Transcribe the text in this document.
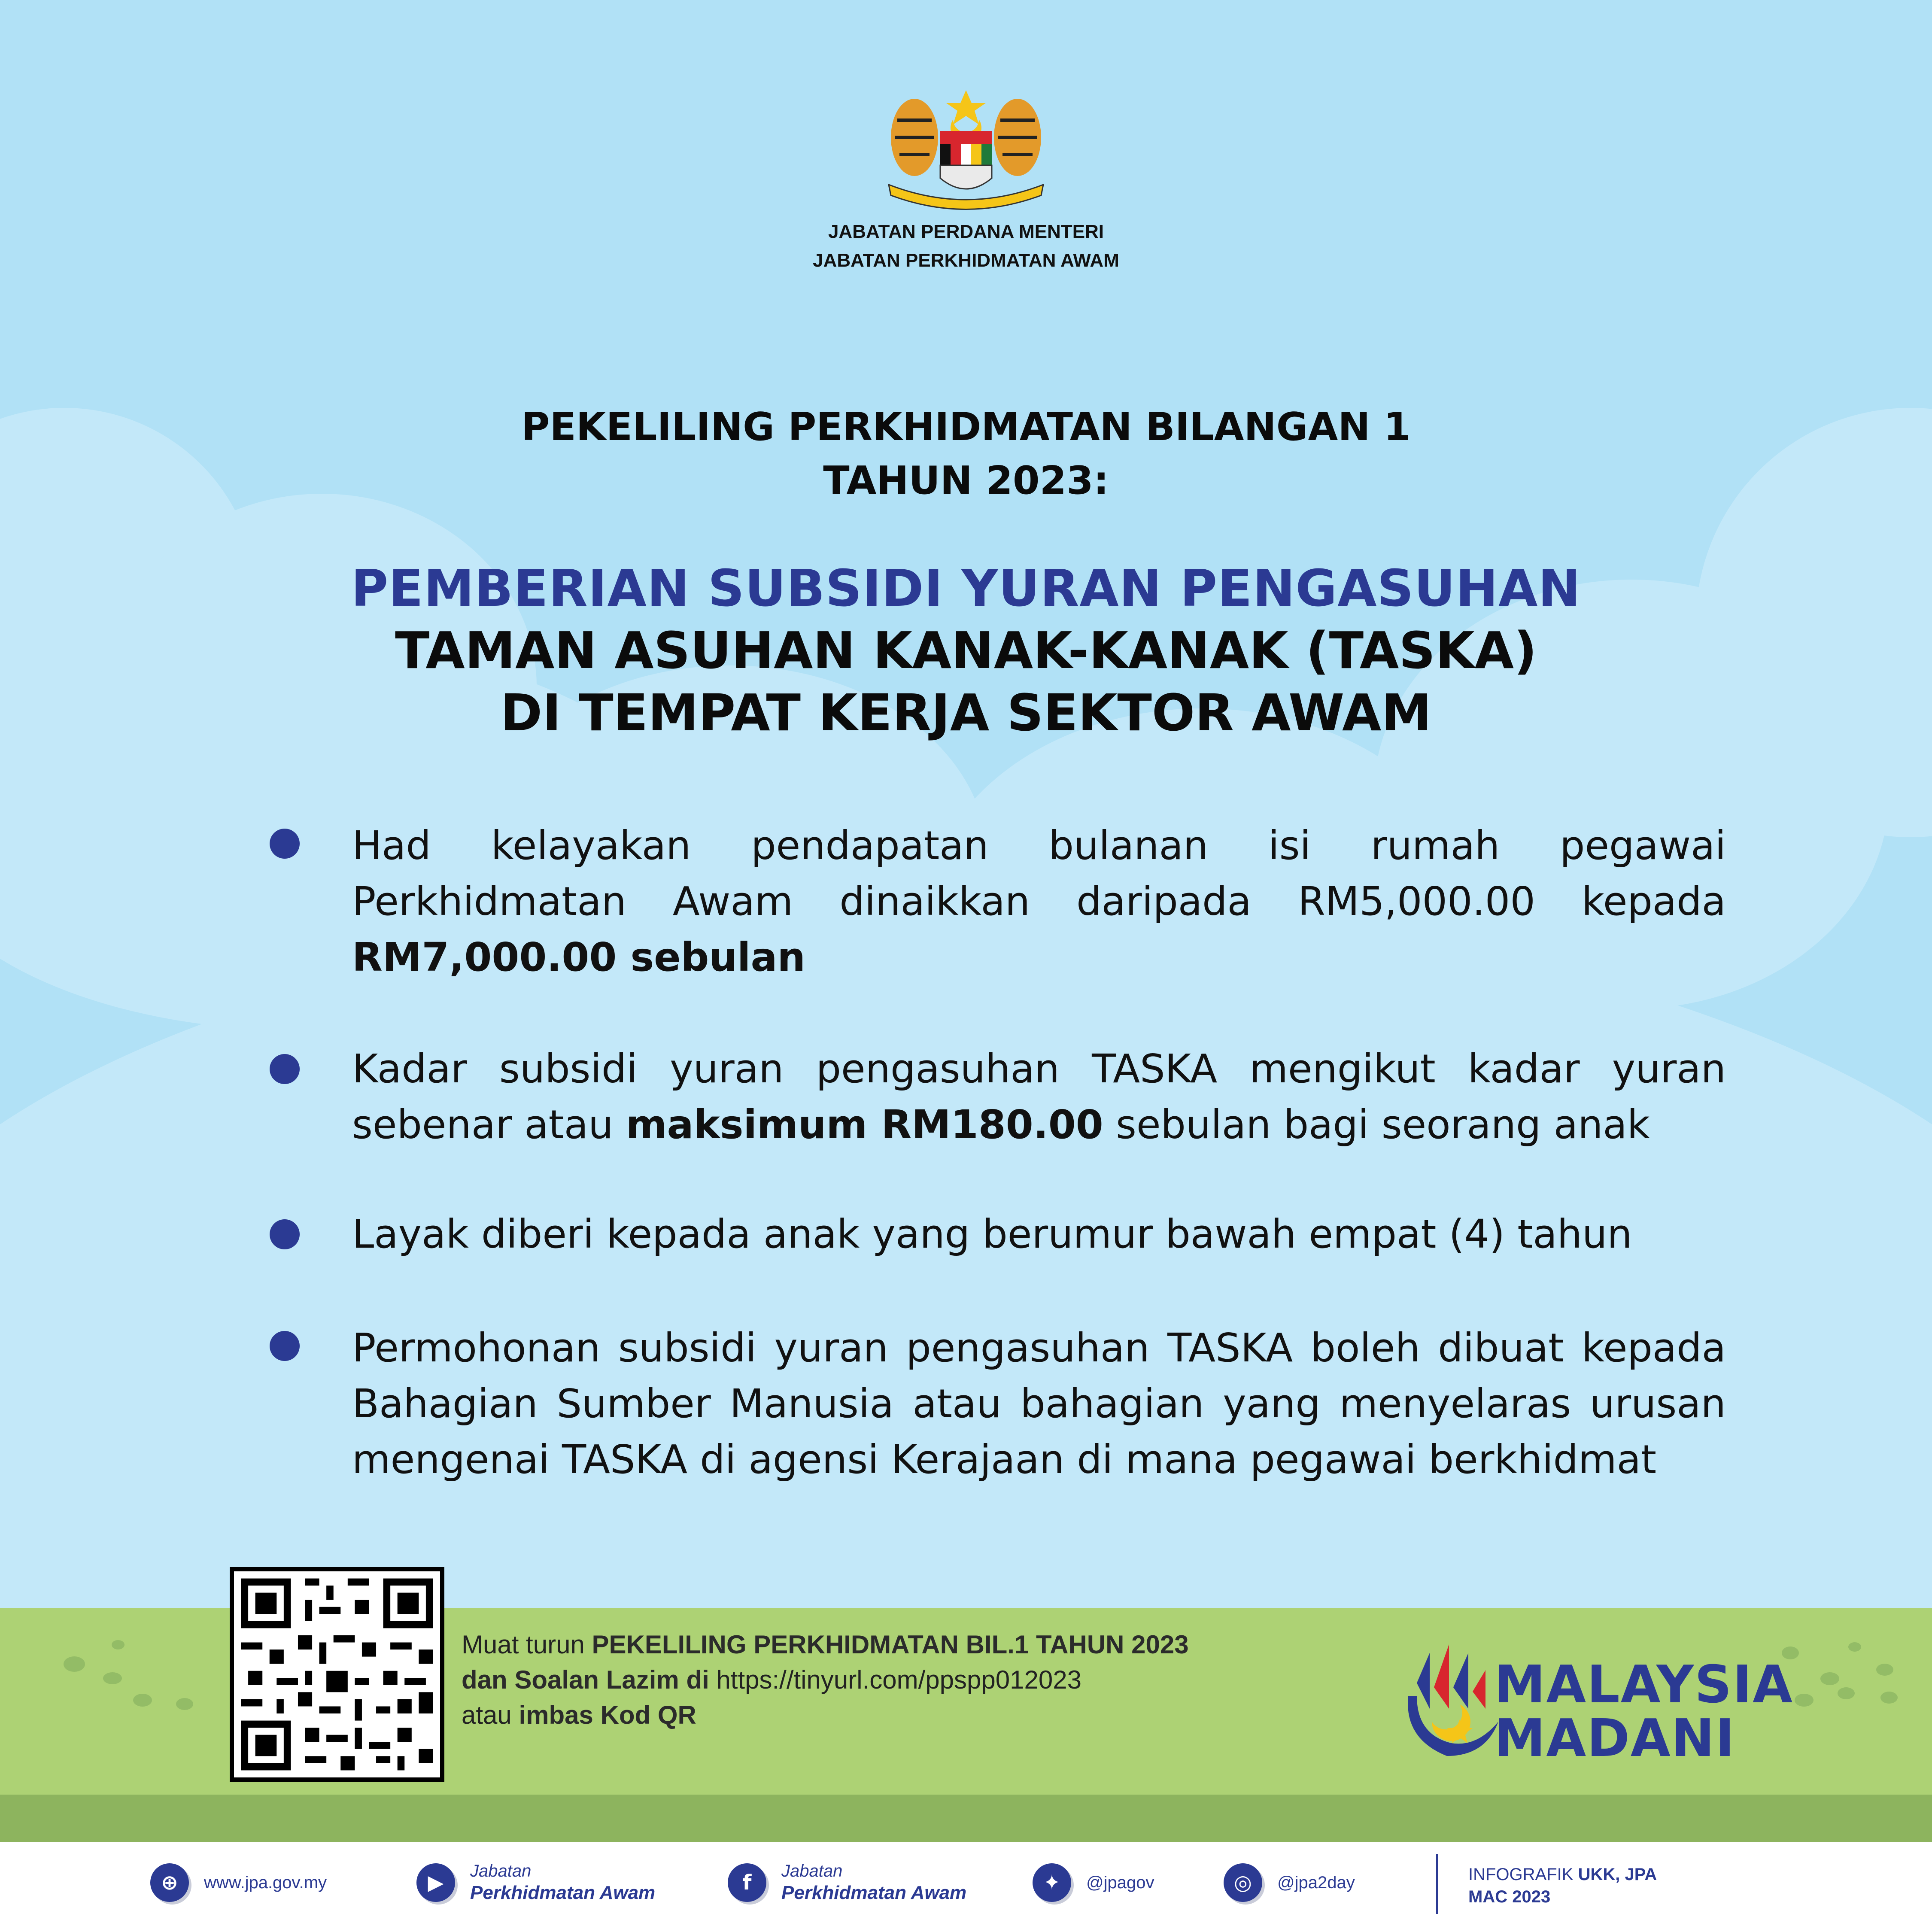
JABATAN PERDANA MENTERI
JABATAN PERKHIDMATAN AWAM
PEKELILING PERKHIDMATAN BILANGAN 1
TAHUN 2023:
PEMBERIAN SUBSIDI YURAN PENGASUHAN
TAMAN ASUHAN KANAK-KANAK (TASKA)
DI TEMPAT KERJA SEKTOR AWAM
Had kelayakan pendapatan bulanan isi rumah pegawai Perkhidmatan Awam dinaikkan daripada RM5,000.00 kepada RM7,000.00 sebulan
Kadar subsidi yuran pengasuhan TASKA mengikut kadar yuran sebenar atau maksimum RM180.00 sebulan bagi seorang anak
Layak diberi kepada anak yang berumur bawah empat (4) tahun
Permohonan subsidi yuran pengasuhan TASKA boleh dibuat kepada Bahagian Sumber Manusia atau bahagian yang menyelaras urusan mengenai TASKA di agensi Kerajaan di mana pegawai berkhidmat
Muat turun PEKELILING PERKHIDMATAN BIL.1 TAHUN 2023
dan Soalan Lazim di https://tinyurl.com/ppspp012023
atau imbas Kod QR
MALAYSIA
MADANI
⊕	www.jpa.gov.my	▶	Jabatan
Perkhidmatan Awam	f	Jabatan
Perkhidmatan Awam	✦	@jpagov	◎	@jpa2day	INFOGRAFIK UKK, JPA
MAC 2023
